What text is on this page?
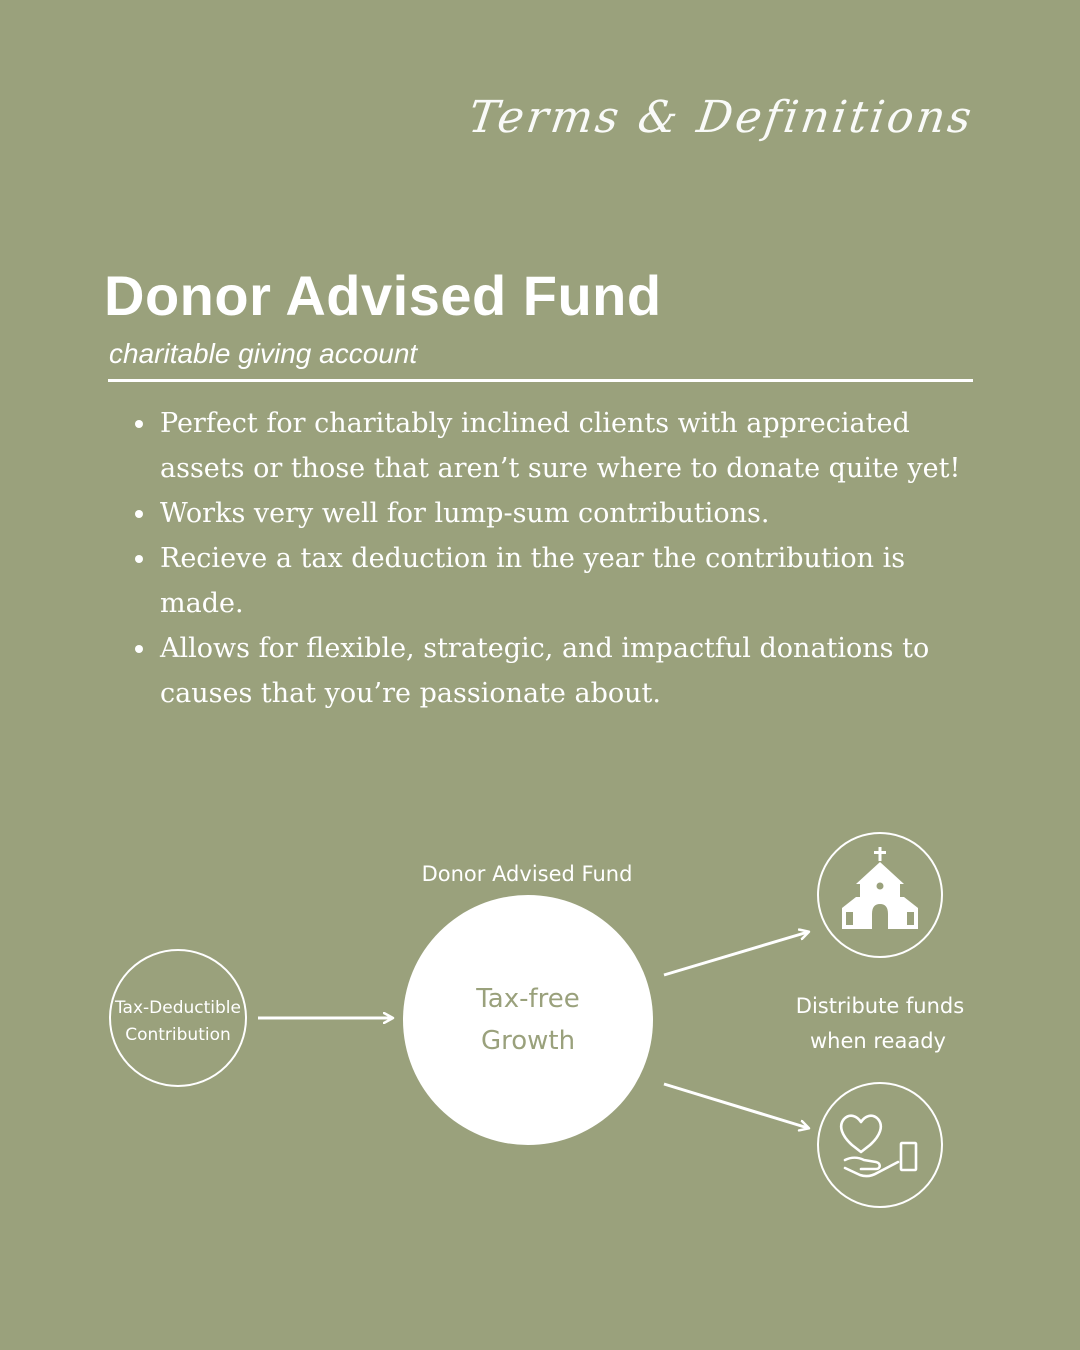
Terms & Definitions
Donor Advised Fund
charitable giving account
Perfect for charitably inclined clients with appreciated
assets or those that aren’t sure where to donate quite yet!
Works very well for lump-sum contributions.
Recieve a tax deduction in the year the contribution is
made.
Allows for flexible, strategic, and impactful donations to
causes that you’re passionate about.
Tax-Deductible
Contribution
Donor Advised Fund
Tax-free
Growth
Distribute funds
when reaady
